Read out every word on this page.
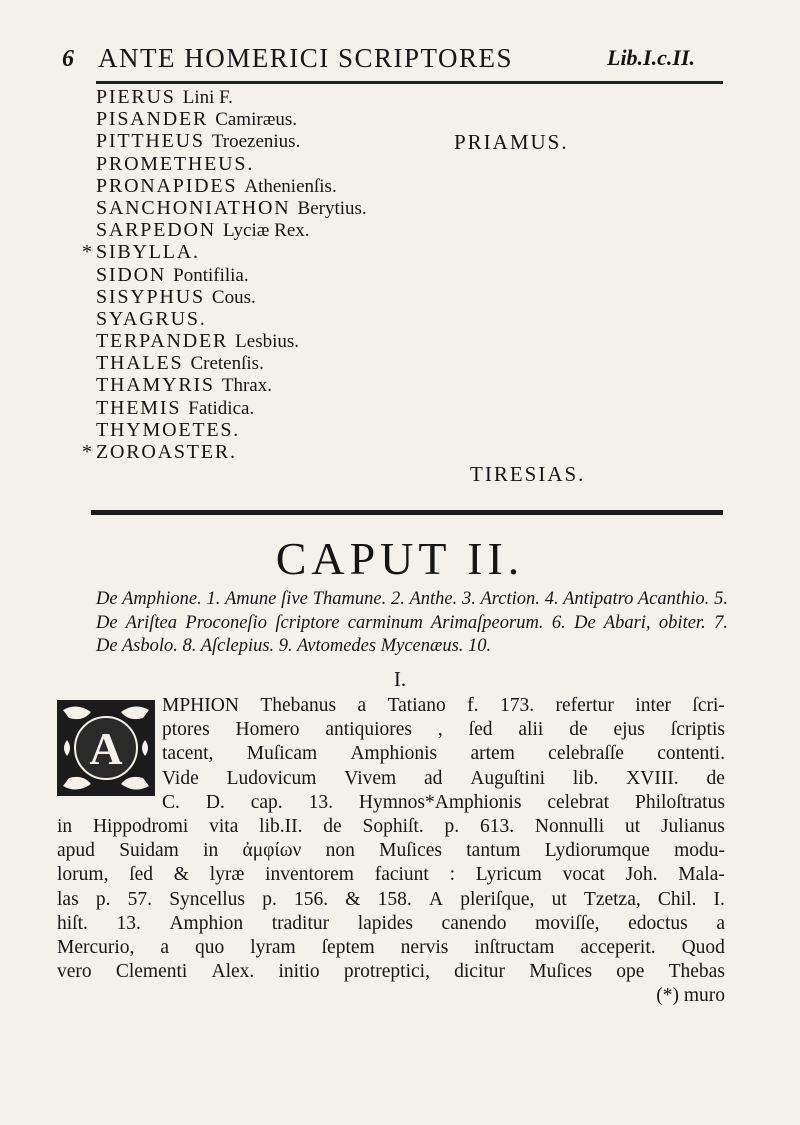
6 ANTE HOMERICI SCRIPTORES	Lib.I.c.II.
PIERUS Lini F.
PISANDER Camiræus.
PITTHEUS Troezenius.
PROMETHEUS.
PRONAPIDES Athenienſis.
SANCHONIATHON Berytius.
SARPEDON Lyciæ Rex.
* SIBYLLA.
SIDON Pontifilia.
SISYPHUS Cous.
SYAGRUS.
TERPANDER Lesbius.
THALES Cretenſis.
THAMYRIS Thrax.
THEMIS Fatidica.
THYMOETES.
* ZOROASTER.
PRIAMUS.
TIRESIAS.
CAPUT II.
De Amphione. 1. Amune ſive Thamune. 2. Anthe. 3. Arction. 4. Antipatro Acanthio. 5. De Ariſtea Proconeſio ſcriptore carminum Arimaſpeorum. 6. De Abari, obiter. 7. De Asbolo. 8. Aſclepius. 9. Avtomedes Mycenæus. 10.
I.
A
MPHION Thebanus a Tatiano f. 173. refertur inter ſcri-
ptores Homero antiquiores , ſed alii de ejus ſcriptis
tacent, Muſicam Amphionis artem celebraſſe contenti.
Vide Ludovicum Vivem ad Auguſtini lib. XVIII. de
C. D. cap. 13. Hymnos*Amphionis celebrat Philoſtratus
in Hippodromi vita lib.II. de Sophiſt. p. 613. Nonnulli ut Julianus
apud Suidam in ἀμφίων non Muſices tantum Lydiorumque modu-
lorum, ſed & lyræ inventorem faciunt : Lyricum vocat Joh. Mala-
las p. 57. Syncellus p. 156. & 158. A pleriſque, ut Tzetza, Chil. I.
hiſt. 13. Amphion traditur lapides canendo moviſſe, edoctus a
Mercurio, a quo lyram ſeptem nervis inſtructam acceperit. Quod
vero Clementi Alex. initio protreptici, dicitur Muſices ope Thebas
(*) muro
